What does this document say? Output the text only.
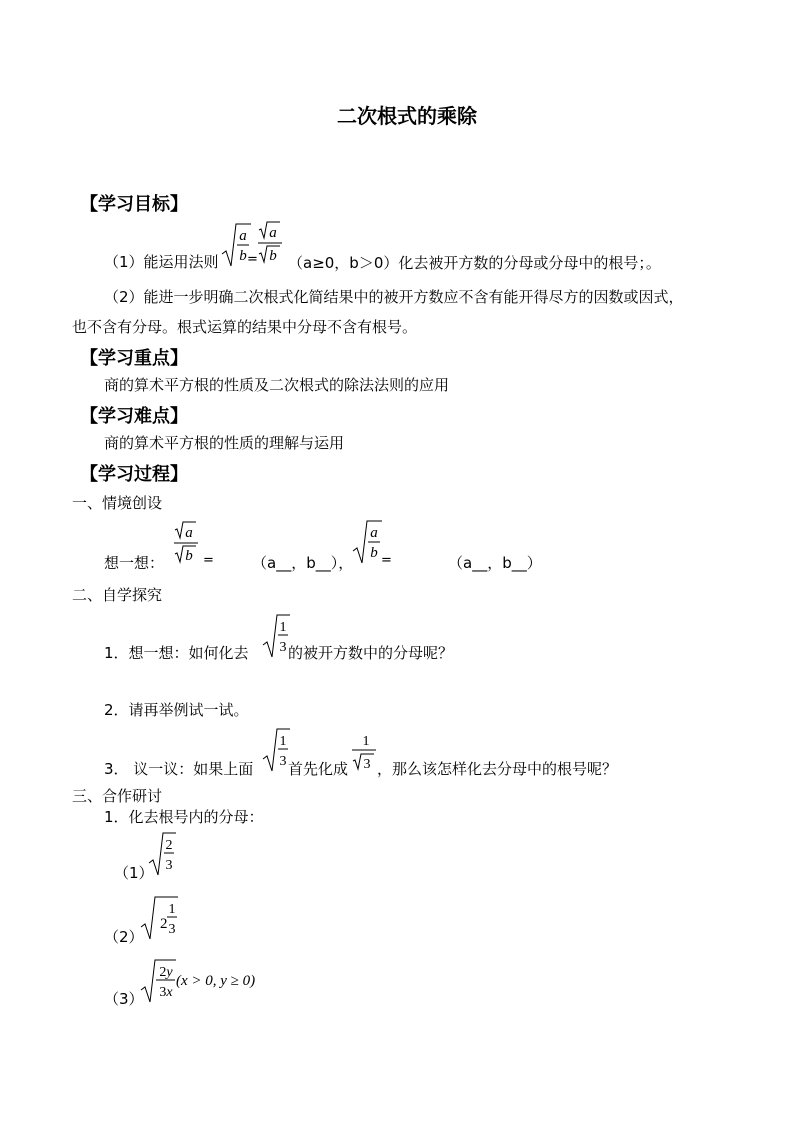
二次根式的乘除
【学习目标】
（1）能运用法则
a
b =
a
b （a≥0，b＞0）化去被开方数的分母或分母中的根号；。
（2）能进一步明确二次根式化简结果中的被开方数应不含有能开得尽方的因数或因式，
也不含有分母。根式运算的结果中分母不含有根号。
【学习重点】
商的算术平方根的性质及二次根式的除法法则的应用
【学习难点】
商的算术平方根的性质的理解与运用
【学习过程】
一、情境创设
想一想：
a
b =	（a__，b__），
a
b =	（a__，b__）
二、自学探究
1．想一想：如何化去
1
3 的被开方数中的分母呢？
2．请再举例试一试。
3． 议一议：如果上面
1
3 首先化成
1
3 ，那么该怎样化去分母中的根号呢？
三、合作研讨
1．化去根号内的分母：
（1）
2
3
（2）
2
1
3
（3）
2y
3x
(x > 0, y ≥ 0)
